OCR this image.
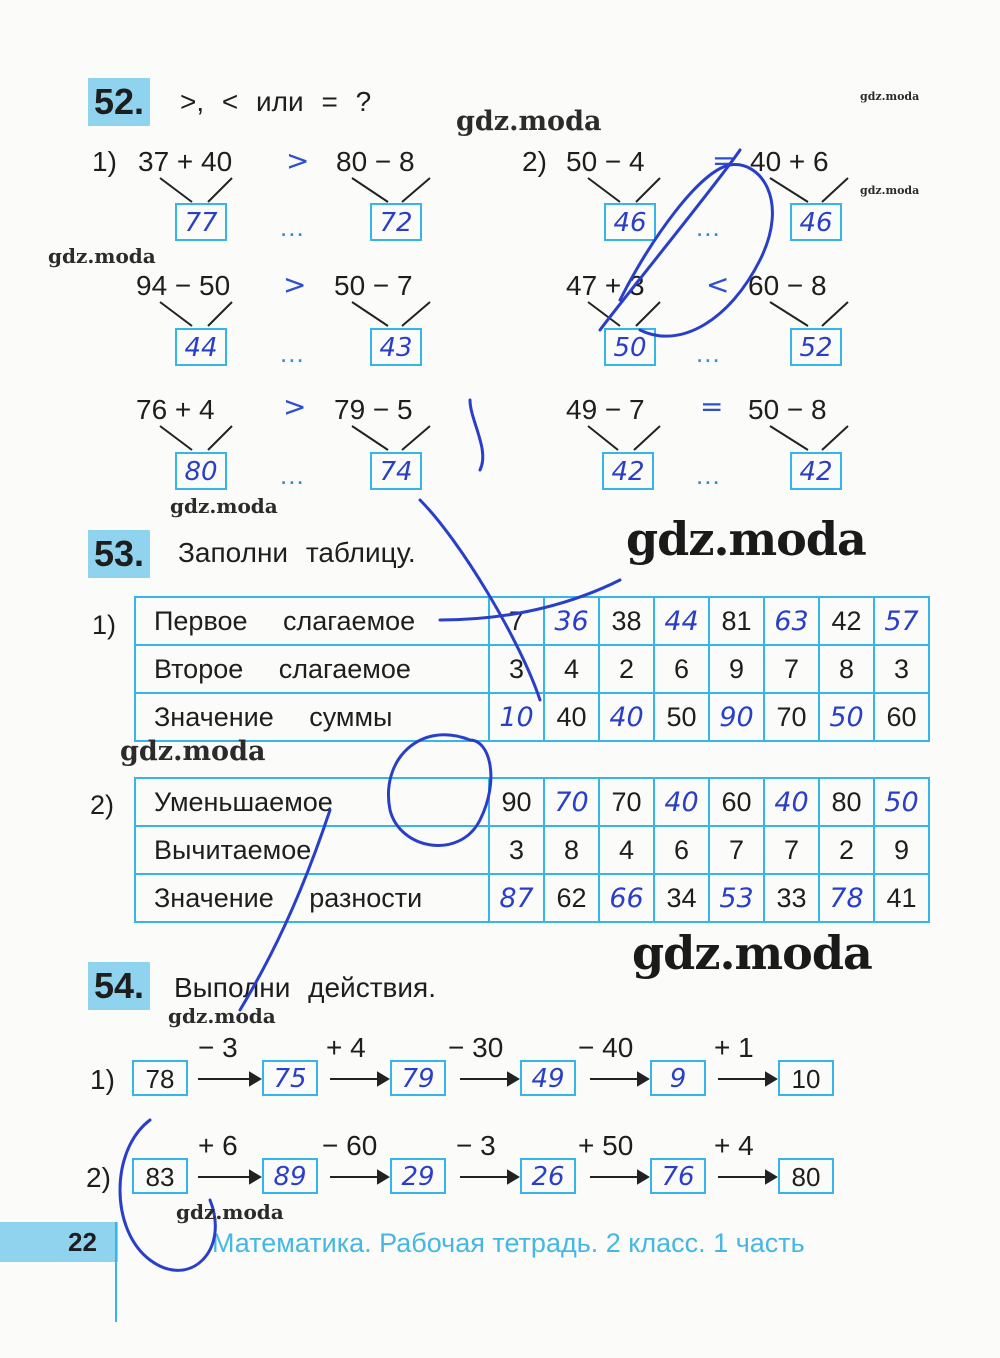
52. >, < или = ?
1) 37 + 40 > 80 − 8
77	...	72
94 − 50 > 50 − 7
44	...	43
76 + 4 > 79 − 5
80	...	74
2) 50 − 4 = 40 + 6
46	...	46
47 + 3 < 60 − 8
50	...	52
49 − 7 = 50 − 8
42	...	42
53. Заполни таблицу.
1) Первое слагаемое	7	36	38	44	81	63	42	57
Второе слагаемое	3	4	2	6	9	7	8	3
Значение суммы	10	40	40	50	90	70	50	60
2) Уменьшаемое	90	70	70	40	60	40	80	50
Вычитаемое	3	8	4	6	7	7	2	9
Значение разности	87	62	66	34	53	33	78	41
54. Выполни действия.
1)	78
− 3
75
+ 4
79
− 30
49
− 40
9
+ 1
10
2)	83
+ 6
89
− 60
29
− 3
26
+ 50
76
+ 4
80
22	Математика. Рабочая тетрадь. 2 класс. 1 часть
gdz.moda
gdz.moda
gdz.moda
gdz.moda
gdz.moda
gdz.moda
gdz.moda
gdz.moda
gdz.moda
gdz.moda
